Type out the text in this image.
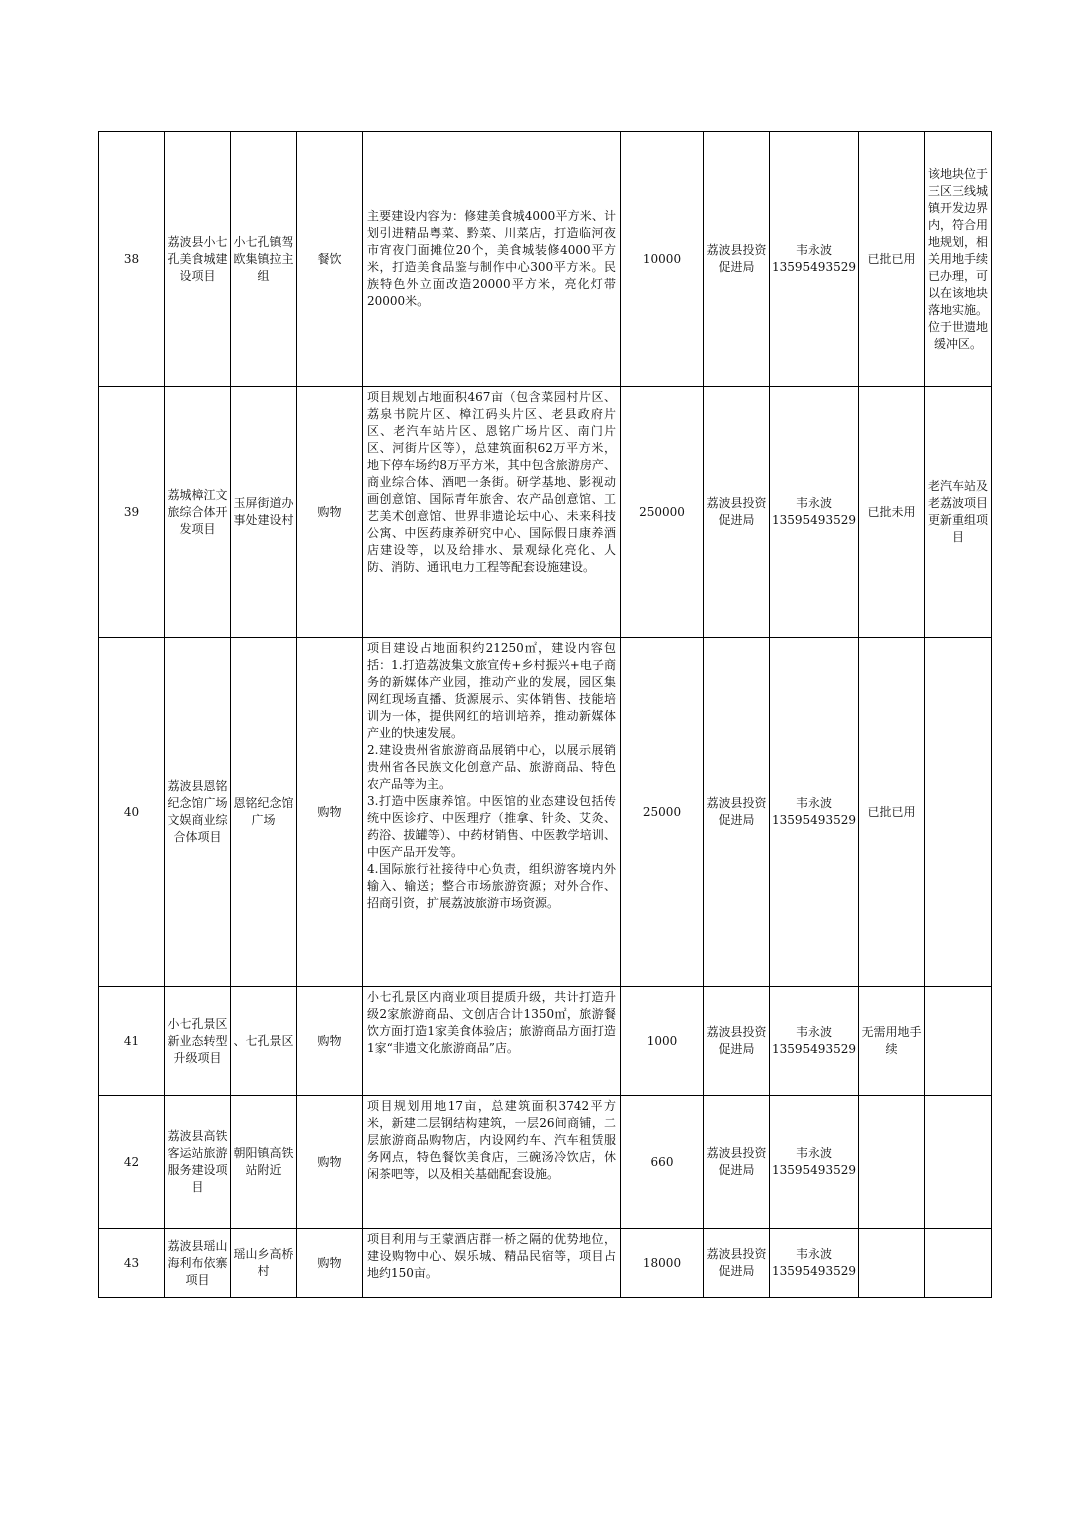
38	荔波县小七孔美食城建设项目	小七孔镇驾欧集镇拉主组	餐饮	主要建设内容为：修建美食城4000平方米、计划引进精品粤菜、黔菜、川菜店，打造临河夜市宵夜门面摊位20个，美食城装修4000平方米，打造美食品鉴与制作中心300平方米。民族特色外立面改造20000平方米，亮化灯带20000米。	10000	荔波县投资促进局	韦永波13595493529	已批已用	该地块位于三区三线城镇开发边界内，符合用地规划，相关用地手续已办理，可以在该地块落地实施。位于世遗地缓冲区。
39	荔城樟江文旅综合体开发项目	玉屏街道办事处建设村	购物	项目规划占地面积467亩（包含菜园村片区、荔泉书院片区、樟江码头片区、老县政府片区、老汽车站片区、恩铭广场片区、南门片区、河街片区等），总建筑面积62万平方米，地下停车场约8万平方米，其中包含旅游房产、商业综合体、酒吧一条街。研学基地、影视动画创意馆、国际青年旅舍、农产品创意馆、工艺美术创意馆、世界非遗论坛中心、未来科技公寓、中医药康养研究中心、国际假日康养酒店建设等，以及给排水、景观绿化亮化、人防、消防、通讯电力工程等配套设施建设。	250000	荔波县投资促进局	韦永波13595493529	已批未用	老汽车站及老荔波项目更新重组项目
40	荔波县恩铭纪念馆广场文娱商业综合体项目	恩铭纪念馆广场	购物	项目建设占地面积约21250㎡，建设内容包括：1.打造荔波集文旅宣传+乡村振兴+电子商务的新媒体产业园，推动产业的发展，园区集网红现场直播、货源展示、实体销售、技能培训为一体，提供网红的培训培养，推动新媒体产业的快速发展。
2.建设贵州省旅游商品展销中心，以展示展销贵州省各民族文化创意产品、旅游商品、特色农产品等为主。
3.打造中医康养馆。中医馆的业态建设包括传统中医诊疗、中医理疗（推拿、针灸、艾灸、药浴、拔罐等）、中药材销售、中医教学培训、中医产品开发等。
4.国际旅行社接待中心负责，组织游客境内外输入、输送；整合市场旅游资源；对外合作、招商引资，扩展荔波旅游市场资源。	25000	荔波县投资促进局	韦永波13595493529	已批已用	
41	小七孔景区新业态转型升级项目	、七孔景区	购物	小七孔景区内商业项目提质升级，共计打造升级2家旅游商品、文创店合计1350㎡，旅游餐饮方面打造1家美食体验店；旅游商品方面打造1家“非遗文化旅游商品”店。	1000	荔波县投资促进局	韦永波13595493529	无需用地手续	
42	荔波县高铁客运站旅游服务建设项目	朝阳镇高铁站附近	购物	项目规划用地17亩，总建筑面积3742平方米，新建二层钢结构建筑，一层26间商铺，二层旅游商品购物店，内设网约车、汽车租赁服务网点，特色餐饮美食店，三碗汤冷饮店，休闲茶吧等，以及相关基础配套设施。	660	荔波县投资促进局	韦永波13595493529		
43	荔波县瑶山海利布依寨项目	瑶山乡高桥村	购物	项目利用与王蒙酒店群一桥之隔的优势地位，建设购物中心、娱乐城、精品民宿等，项目占地约150亩。	18000	荔波县投资促进局	韦永波13595493529		
